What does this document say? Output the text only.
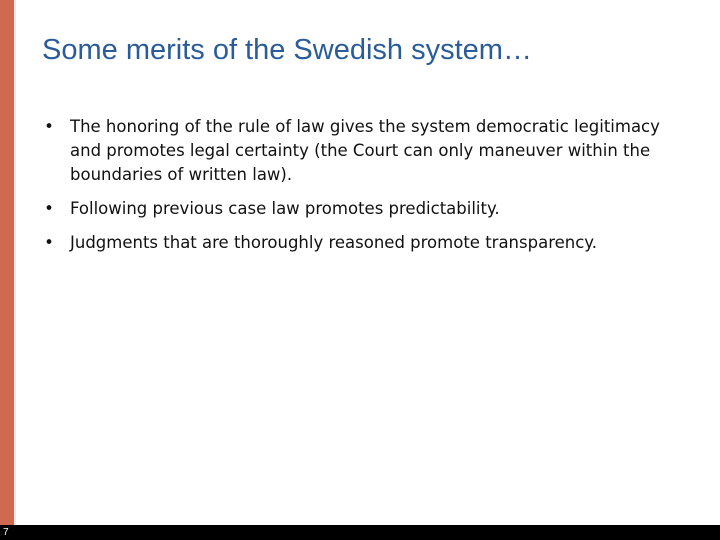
Some merits of the Swedish system…
• The honoring of the rule of law gives the system democratic legitimacy and promotes legal certainty (the Court can only maneuver within the boundaries of written law).
• Following previous case law promotes predictability.
• Judgments that are thoroughly reasoned promote transparency.
7
